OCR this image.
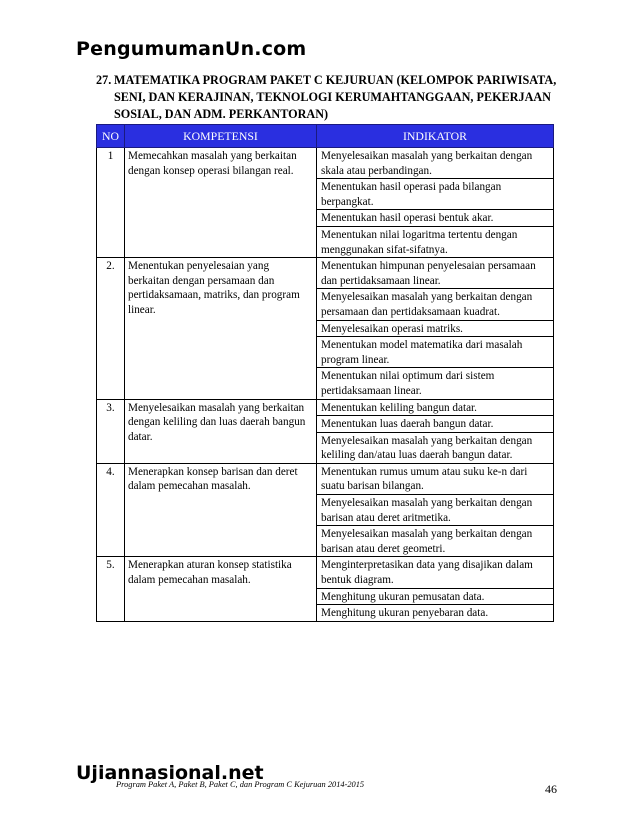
PengumumanUn.com
27. MATEMATIKA PROGRAM PAKET C KEJURUAN (KELOMPOK PARIWISATA,
SENI, DAN KERAJINAN, TEKNOLOGI KERUMAHTANGGAAN, PEKERJAAN
SOSIAL, DAN ADM. PERKANTORAN)
NO	KOMPETENSI	INDIKATOR
1	Memecahkan masalah yang berkaitan dengan konsep operasi bilangan real.	Menyelesaikan masalah yang berkaitan dengan skala atau perbandingan.
		Menentukan hasil operasi pada bilangan berpangkat.
		Menentukan hasil operasi bentuk akar.
		Menentukan nilai logaritma tertentu dengan menggunakan sifat-sifatnya.
2.	Menentukan penyelesaian yang berkaitan dengan persamaan dan pertidaksamaan, matriks, dan program linear.	Menentukan himpunan penyelesaian persamaan dan pertidaksamaan linear.
		Menyelesaikan masalah yang berkaitan dengan persamaan dan pertidaksamaan kuadrat.
		Menyelesaikan operasi matriks.
		Menentukan model matematika dari masalah program linear.
		Menentukan nilai optimum dari sistem pertidaksamaan linear.
3.	Menyelesaikan masalah yang berkaitan dengan keliling dan luas daerah bangun datar.	Menentukan keliling bangun datar.
		Menentukan luas daerah bangun datar.
		Menyelesaikan masalah yang berkaitan dengan keliling dan/atau luas daerah bangun datar.
4.	Menerapkan konsep barisan dan deret dalam pemecahan masalah.	Menentukan rumus umum atau suku ke-n dari suatu barisan bilangan.
		Menyelesaikan masalah yang berkaitan dengan barisan atau deret aritmetika.
		Menyelesaikan masalah yang berkaitan dengan barisan atau deret geometri.
5.	Menerapkan aturan konsep statistika dalam pemecahan masalah.	Menginterpretasikan data yang disajikan dalam bentuk diagram.
		Menghitung ukuran pemusatan data.
		Menghitung ukuran penyebaran data.
Ujiannasional.net
Program Paket A, Paket B, Paket C, dan Program C Kejuruan 2014-2015	46
